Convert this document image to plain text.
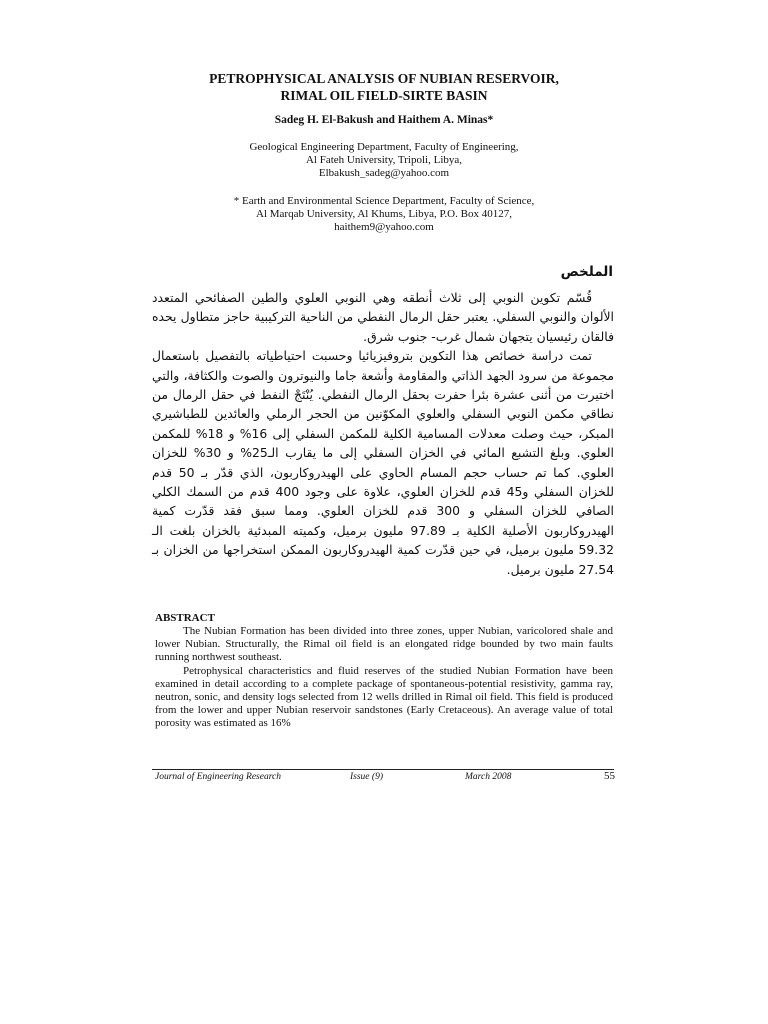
PETROPHYSICAL ANALYSIS OF NUBIAN RESERVOIR,
RIMAL OIL FIELD-SIRTE BASIN
Sadeg H. El-Bakush and Haithem A. Minas*
Geological Engineering Department, Faculty of Engineering,
Al Fateh University, Tripoli, Libya,
Elbakush_sadeg@yahoo.com
* Earth and Environmental Science Department, Faculty of Science,
Al Marqab University, Al Khums, Libya, P.O. Box 40127,
haithem9@yahoo.com
الملخص

قُسّم تكوين النوبي إلى ثلاث أنطقه وهي النوبي العلوي والطين الصفائحي المتعدد الألوان والنوبي السفلي. يعتبر حقل الرمال النفطي من الناحية التركيبية حاجز متطاول يحده فالقان رئيسيان يتجهان شمال غرب- جنوب شرق.

تمت دراسة خصائص هذا التكوين بتروفيزيائيا وحسبت احتياطياته بالتفصيل باستعمال مجموعة من سرود الجهد الذاتي والمقاومة وأشعة جاما والنيوترون والصوت والكثافة، والتي اختيرت من أثنى عشرة بئرا حفرت بحقل الرمال النفطي. يُنْتَجْ النفط في حقل الرمال من نطاقي مكمن النوبي السفلي والعلوي المكوّنين من الحجر الرملي والعائدين للطباشيري المبكر، حيث وصلت معدلات المسامية الكلية للمكمن السفلي إلى 16% و 18% للمكمن العلوي. وبلغ التشبع المائي في الخزان السفلي إلى ما يقارب الـ25% و 30% للخزان العلوي. كما تم حساب حجم المسام الحاوي على الهيدروكاربون، الذي قدّر بـ 50 قدم للخزان السفلي و45 قدم للخزان العلوي، علاوة على وجود 400 قدم من السمك الكلي الصافي للخزان السفلي و 300 قدم للخزان العلوي. ومما سبق فقد قدّرت كمية الهيدروكاربون الأصلية الكلية بـ 97.89 مليون برميل، وكميته المبدئية بالخزان بلغت الـ 59.32 مليون برميل، في حين قدّرت كمية الهيدروكاربون الممكن استخراجها من الخزان بـ 27.54 مليون برميل.

ABSTRACT

The Nubian Formation has been divided into three zones, upper Nubian, varicolored shale and lower Nubian. Structurally, the Rimal oil field is an elongated ridge bounded by two main faults running northwest southeast.

Petrophysical characteristics and fluid reserves of the studied Nubian Formation have been examined in detail according to a complete package of spontaneous-potential resistivity, gamma ray, neutron, sonic, and density logs selected from 12 wells drilled in Rimal oil field. This field is produced from the lower and upper Nubian reservoir sandstones (Early Cretaceous). An average value of total porosity was estimated as 16%

Journal of Engineering Research	Issue (9)	March 2008	55
